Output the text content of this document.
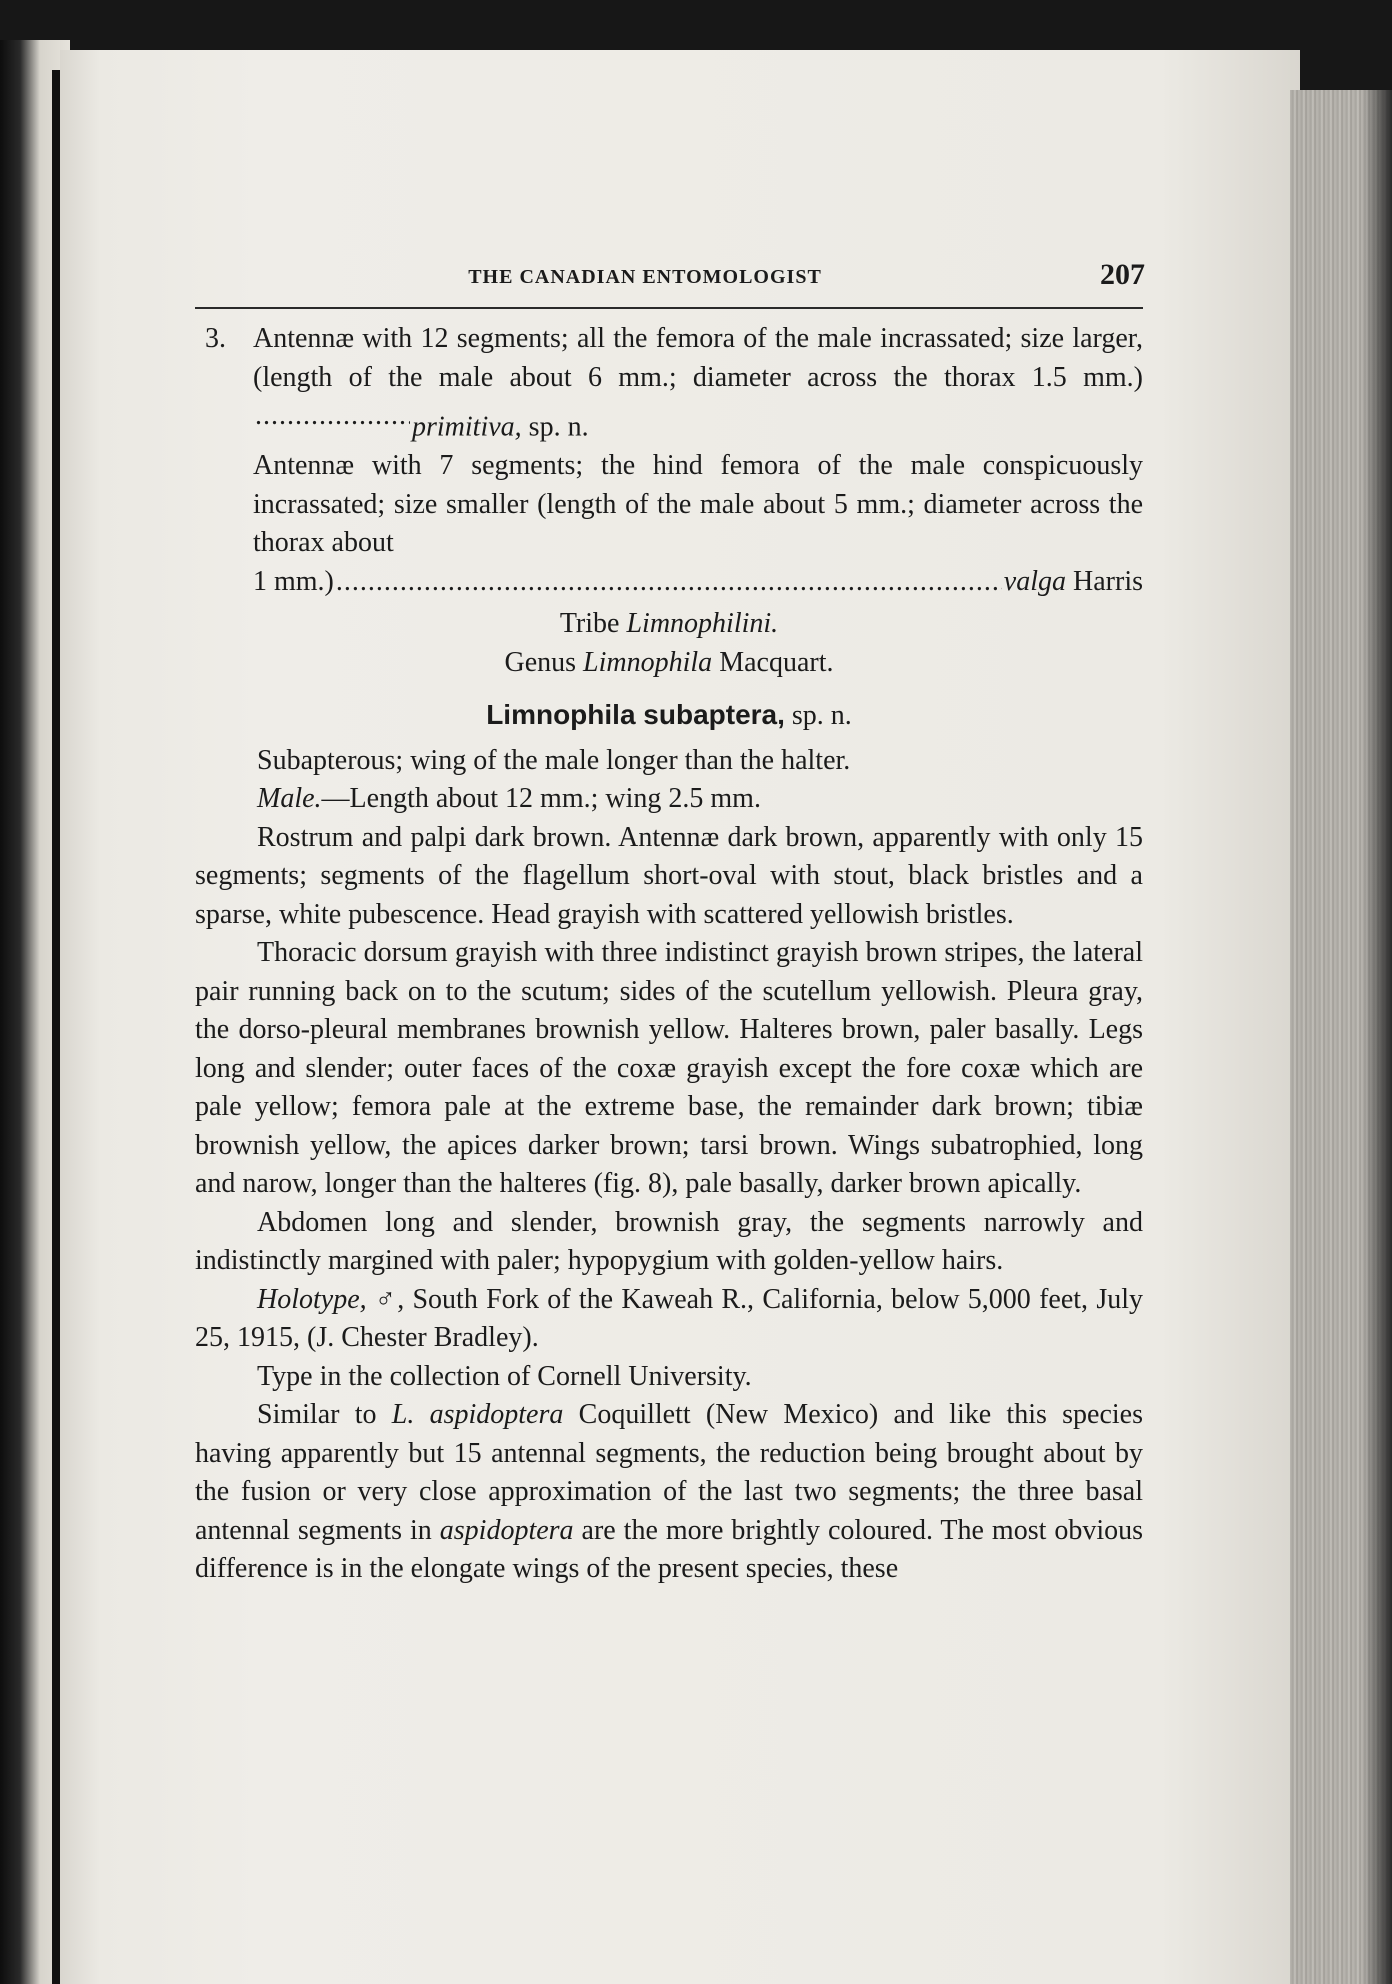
THE CANADIAN ENTOMOLOGIST	207
3. Antennæ with 12 segments; all the femora of the male incrassated; size larger, (length of the male about 6 mm.; diameter across the thorax 1.5 mm.).....primitiva, sp. n.
Antennæ with 7 segments; the hind femora of the male conspicuously incrassated; size smaller (length of the male about 5 mm.; diameter across the thorax about
1 mm.)
.....	valga
Harris
Tribe Limnophilini.
Genus Limnophila Macquart.
Limnophila subaptera, sp. n.

Subapterous; wing of the male longer than the halter.

Male.—Length about 12 mm.; wing 2.5 mm.

Rostrum and palpi dark brown. Antennæ dark brown, apparently with only 15 segments; segments of the flagellum short-oval with stout, black bristles and a sparse, white pubescence. Head grayish with scattered yellowish bristles.

Thoracic dorsum grayish with three indistinct grayish brown stripes, the lateral pair running back on to the scutum; sides of the scutellum yellowish. Pleura gray, the dorso-pleural membranes brownish yellow. Halteres brown, paler basally. Legs long and slender; outer faces of the coxæ grayish except the fore coxæ which are pale yellow; femora pale at the extreme base, the remainder dark brown; tibiæ brownish yellow, the apices darker brown; tarsi brown. Wings subatrophied, long and narow, longer than the halteres (fig. 8), pale basally, darker brown apically.

Abdomen long and slender, brownish gray, the segments narrowly and indistinctly margined with paler; hypopygium with golden-yellow hairs.

Holotype, ♂, South Fork of the Kaweah R., California, below 5,000 feet, July 25, 1915, (J. Chester Bradley).

Type in the collection of Cornell University.

Similar to L. aspidoptera Coquillett (New Mexico) and like this species having apparently but 15 antennal segments, the reduction being brought about by the fusion or very close approximation of the last two segments; the three basal antennal segments in aspidoptera are the more brightly coloured. The most obvious difference is in the elongate wings of the present species, these
